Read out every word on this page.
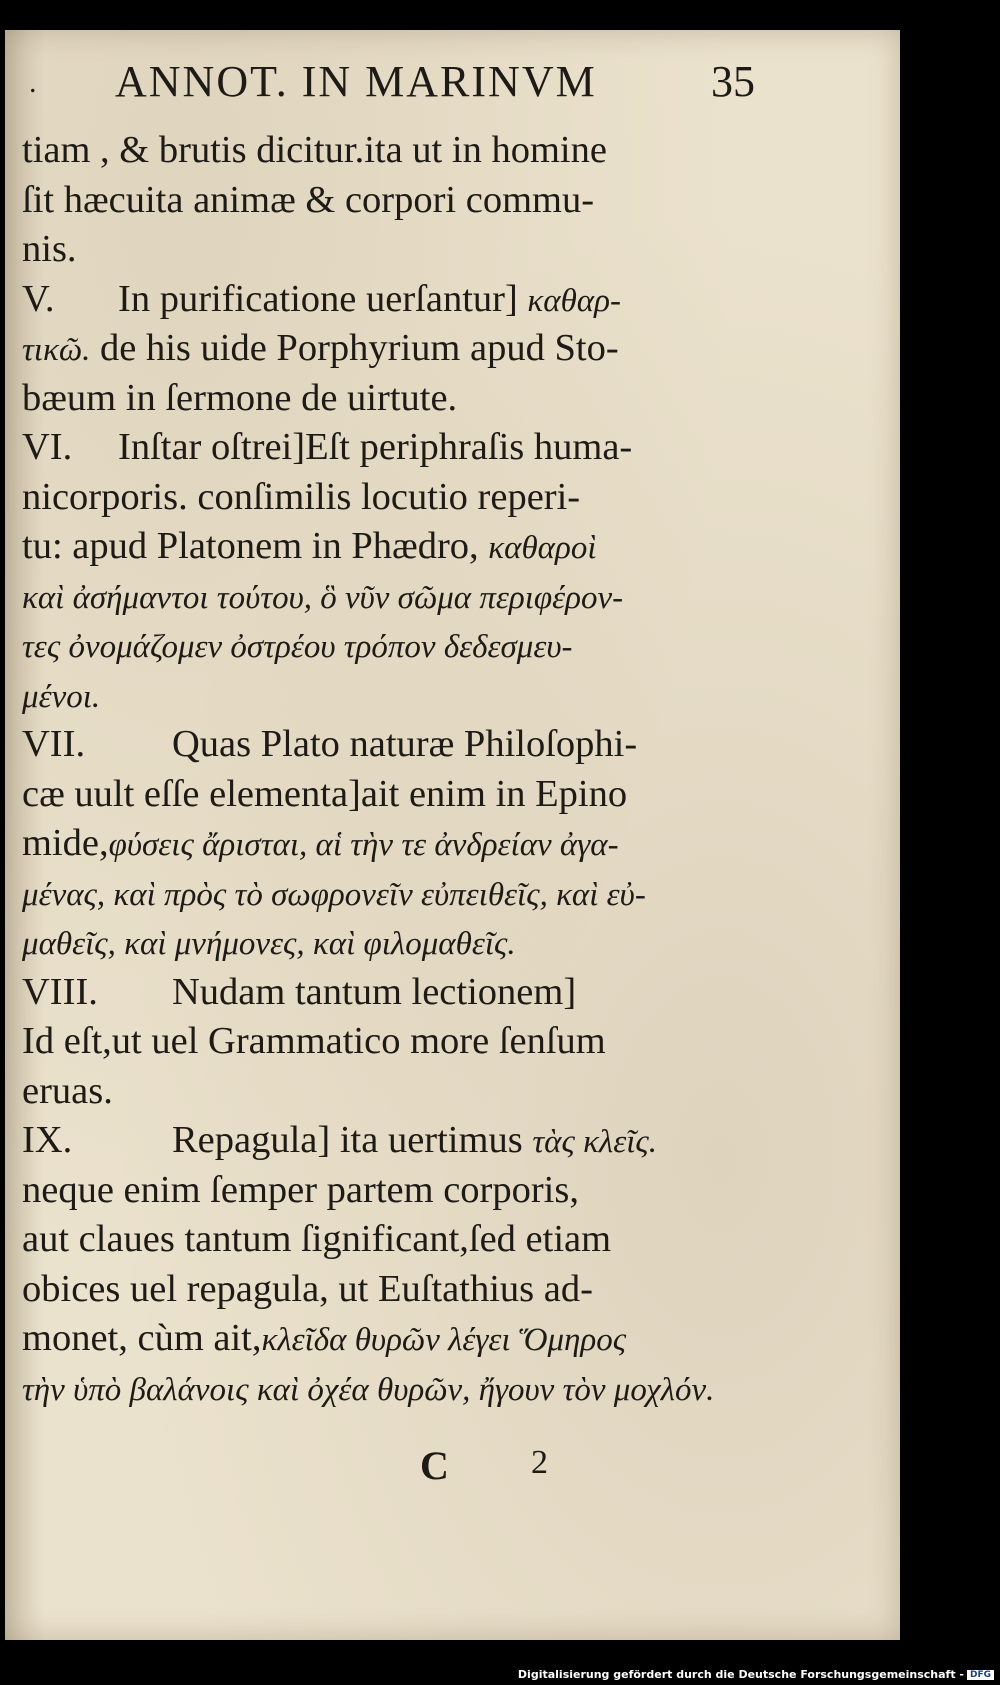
. ANNOT. IN MARINVM	35
tiam , & brutis dicitur.ita ut in homine
ſit hæcuita animæ & corpori commu-
nis.
V. In purificatione uerſantur] καθαρ-
τικῶ. de his uide Porphyrium apud Sto-
bæum in ſermone de uirtute.
VI. Inſtar oſtrei]Eſt periphraſis huma-
nicorporis. conſimilis locutio reperi-
tu: apud Platonem in Phædro, καθαροὶ
καὶ ἀσήμαντοι τούτου, ὃ νῦν σῶμα περιφέρον-
τες ὀνομάζομεν ὀστρέου τρόπον δεδεσμευ-
μένοι.
VII. Quas Plato naturæ Philoſophi-
cæ uult eſſe elementa]ait enim in Epino
mide,φύσεις ἄρισται, αἱ τὴν τε ἀνδρείαν ἀγα-
μένας, καὶ πρὸς τὸ σωφρονεῖν εὐπειθεῖς, καὶ εὐ-
μαθεῖς, καὶ μνήμονες, καὶ φιλομαθεῖς.
VIII. Nudam tantum lectionem]
Id eſt,ut uel Grammatico more ſenſum
eruas.
IX.	Repagula] ita uertimus τὰς κλεῖς.
neque enim ſemper partem corporis,
aut claues tantum ſignificant,ſed etiam
obices uel repagula, ut Euſtathius ad-
monet, cùm ait,κλεῖδα θυρῶν λέγει Ὅμηρος
τὴν ὑπὸ βαλάνοις καὶ ὀχέα θυρῶν, ἤγουν τὸν μοχλόν.
C 2
Digitalisierung gefördert durch die Deutsche Forschungsgemeinschaft - DFG
